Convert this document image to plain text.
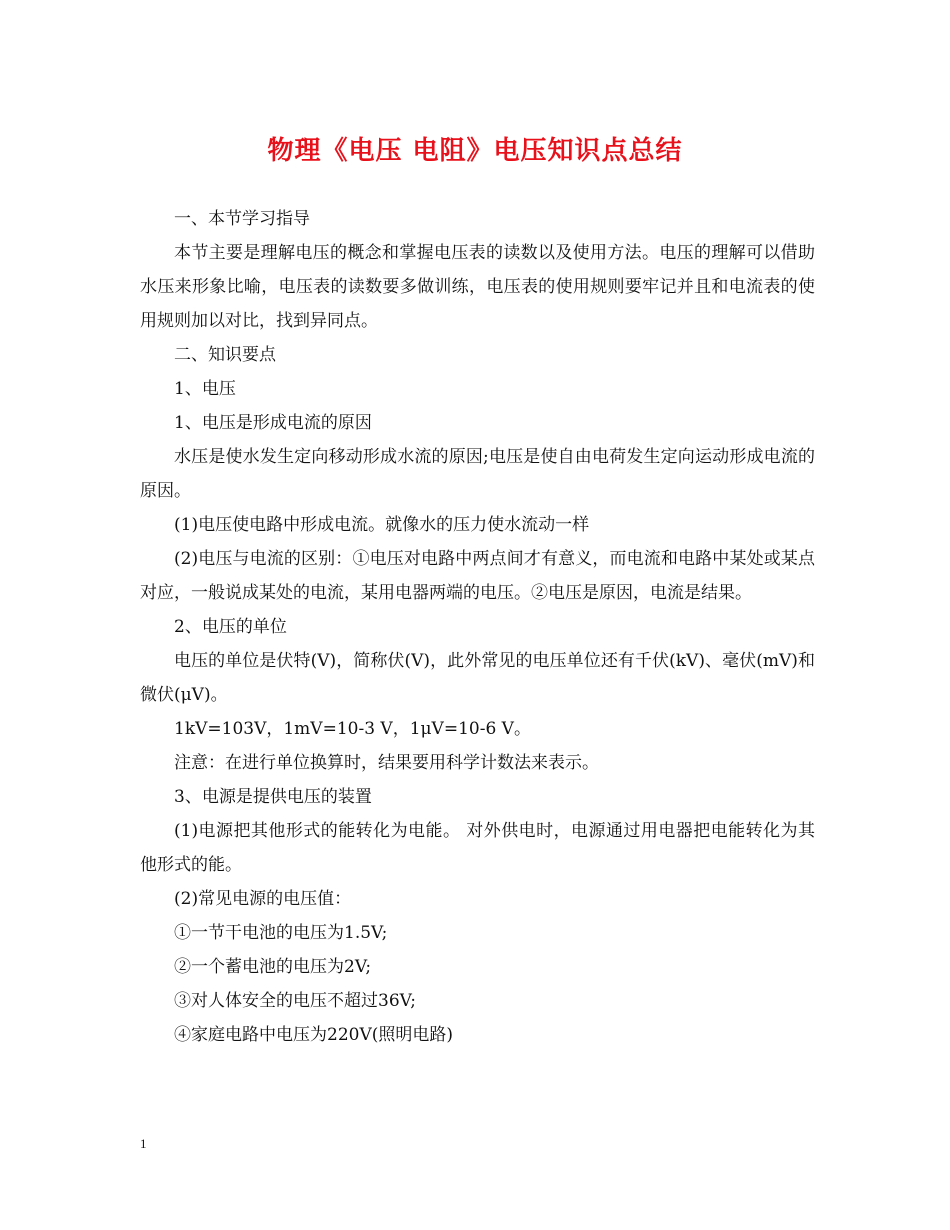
物理《电压 电阻》电压知识点总结

一、本节学习指导

本节主要是理解电压的概念和掌握电压表的读数以及使用方法。电压的理解可以借助水压来形象比喻，电压表的读数要多做训练，电压表的使用规则要牢记并且和电流表的使用规则加以对比，找到异同点。

二、知识要点

1、电压

1、电压是形成电流的原因

水压是使水发生定向移动形成水流的原因;电压是使自由电荷发生定向运动形成电流的原因。

(1)电压使电路中形成电流。就像水的压力使水流动一样

(2)电压与电流的区别：①电压对电路中两点间才有意义，而电流和电路中某处或某点对应，一般说成某处的电流，某用电器两端的电压。②电压是原因，电流是结果。

2、电压的单位

电压的单位是伏特(V)，简称伏(V)，此外常见的电压单位还有千伏(kV)、毫伏(mV)和微伏(μV)。

1kV=103V，1mV=10-3 V，1μV=10-6 V。

注意：在进行单位换算时，结果要用科学计数法来表示。

3、电源是提供电压的装置

(1)电源把其他形式的能转化为电能。 对外供电时，电源通过用电器把电能转化为其他形式的能。

(2)常见电源的电压值：

①一节干电池的电压为1.5V;

②一个蓄电池的电压为2V;

③对人体安全的电压不超过36V;

④家庭电路中电压为220V(照明电路)

1
